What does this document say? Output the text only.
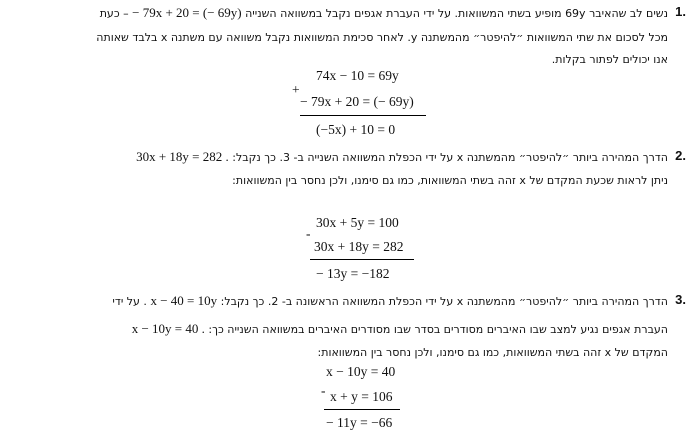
1.
נשים לב שהאיבר 69y מופיע בשתי המשוואות. על ידי העברת אגפים נקבל במשוואה השנייה − 79x + 20 = (− 69y) – כעת
מכל לסכום את שתי המשוואות ״להיפטר״ מהמשתנה y. לאחר סכימת המשוואות נקבל משוואה עם משתנה x בלבד שאותה
אנו יכולים לפתור בקלות.
74x − 10 = 69y
+
− 79x + 20 = (− 69y)
(−5x) + 10 = 0
2.
הדרך המהירה ביותר ״להיפטר״ מהמשתנה x על ידי הכפלת המשוואה השנייה ב- 3. כך נקבל: 30x + 18y = 282 .
ניתן לראות שכעת המקדם של x זהה בשתי המשוואות, כמו גם סימנו, ולכן נחסר בין המשוואות:
30x + 5y = 100
-
30x + 18y = 282
− 13y = −182
3.
הדרך המהירה ביותר ״להיפטר״ מהמשתנה x על ידי הכפלת המשוואה הראשונה ב- 2. כך נקבל: x − 40 = 10y . על ידי
העברת אגפים נגיע למצב שבו האיברים מסודרים בסדר שבו מסודרים האיברים במשוואה השנייה כך: x − 10y = 40 .
המקדם של x זהה בשתי המשוואות, כמו גם סימנו, ולכן נחסר בין המשוואות:
x − 10y = 40
- x + y = 106
− 11y = −66
